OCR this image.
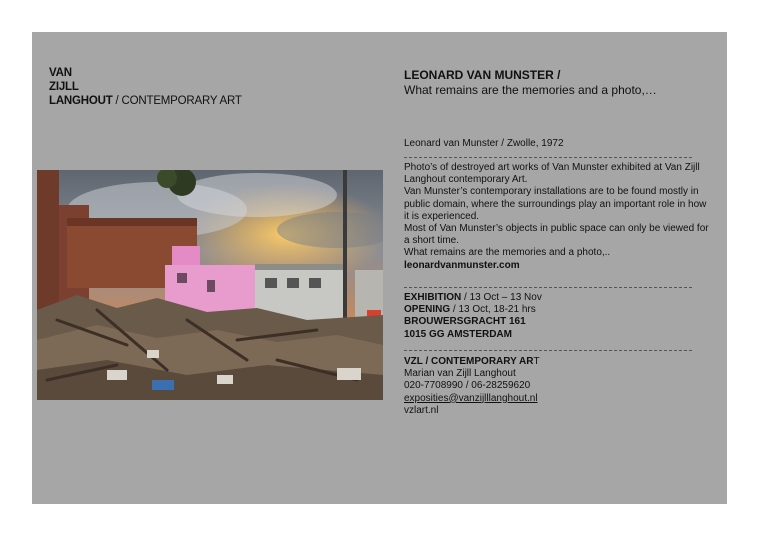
VAN
ZIJLL
LANGHOUT / CONTEMPORARY ART
LEONARD VAN MUNSTER /
What remains are the memories and a photo,…
Leonard van Munster / Zwolle, 1972

Photo’s of destroyed art works of Van Munster exhibited at Van Zijll Langhout contemporary Art.

Van Munster’s contemporary installations are to be found mostly in public domain, where the surroundings play an important role in how it is experienced.

Most of Van Munster’s objects in public space can only be viewed for a short time.

What remains are the memories and a photo,..

leonardvanmunster.com

EXHIBITION / 13 Oct – 13 Nov

OPENING / 13 Oct, 18-21 hrs

BROUWERSGRACHT 161

1015 GG AMSTERDAM

VZL / CONTEMPORARY ART

Marian van Zijll Langhout

020-7708990 / 06-28259620

exposities@vanzijlllanghout.nl

vzlart.nl
